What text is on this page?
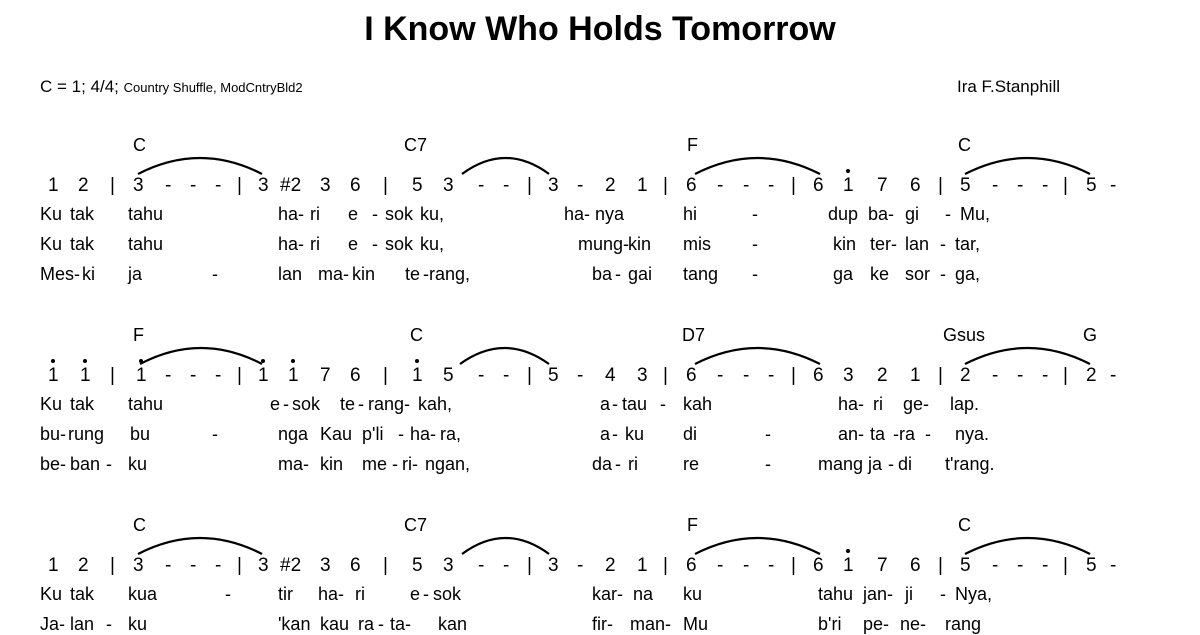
I Know Who Holds Tomorrow
C = 1; 4/4; Country Shuffle, ModCntryBld2	Ira F.Stanphill
C	C7	F	C
1 2 | 3 - - - | 3 #2 3 6 | 5 3 - - | 3 - 2 1 | 6 - - - | 6 1 7 6 | 5 - - - | 5 -
Ku tak tahu	ha- ri e - sok ku,	ha- nya	hi	-	dup ba- gi - Mu,
Ku tak tahu	ha- ri e - sok ku,	mung-
kin mis -	kin ter- lan - tar,
Mes- ki ja	-	lan ma- kin te -rang,	ba - gai tang -	ga ke sor - ga,
F	C	D7	Gsus	G
1 1 | 1 - - - | 1 1 7 6 | 1 5 - - | 5 - 4 3 | 6 - - - | 6 3 2 1 | 2 - - - | 2 -
Ku tak tahu	e - sok te - rang- kah,	a - tau - kah	ha- ri ge- lap.
bu- rung bu	-	nga Kau p'li - ha- ra,	a - ku di	-	an- ta -ra - nya.
be- ban - ku	ma- kin me - ri- ngan,	da - ri	re	-	mang ja - di t'rang.
C	C7	F	C
1 2 | 3 - - - | 3 #2 3 6 | 5 3 - - | 3 - 2 1 | 6 - - - | 6 1 7 6 | 5 - - - | 5 -
Ku tak kua	-	tir ha- ri	e - sok	kar- na ku	tahu jan- ji - Nya,
Ja- lan - ku	'kan kau ra - ta- kan	fir- man- Mu	b'ri pe- ne- rang
